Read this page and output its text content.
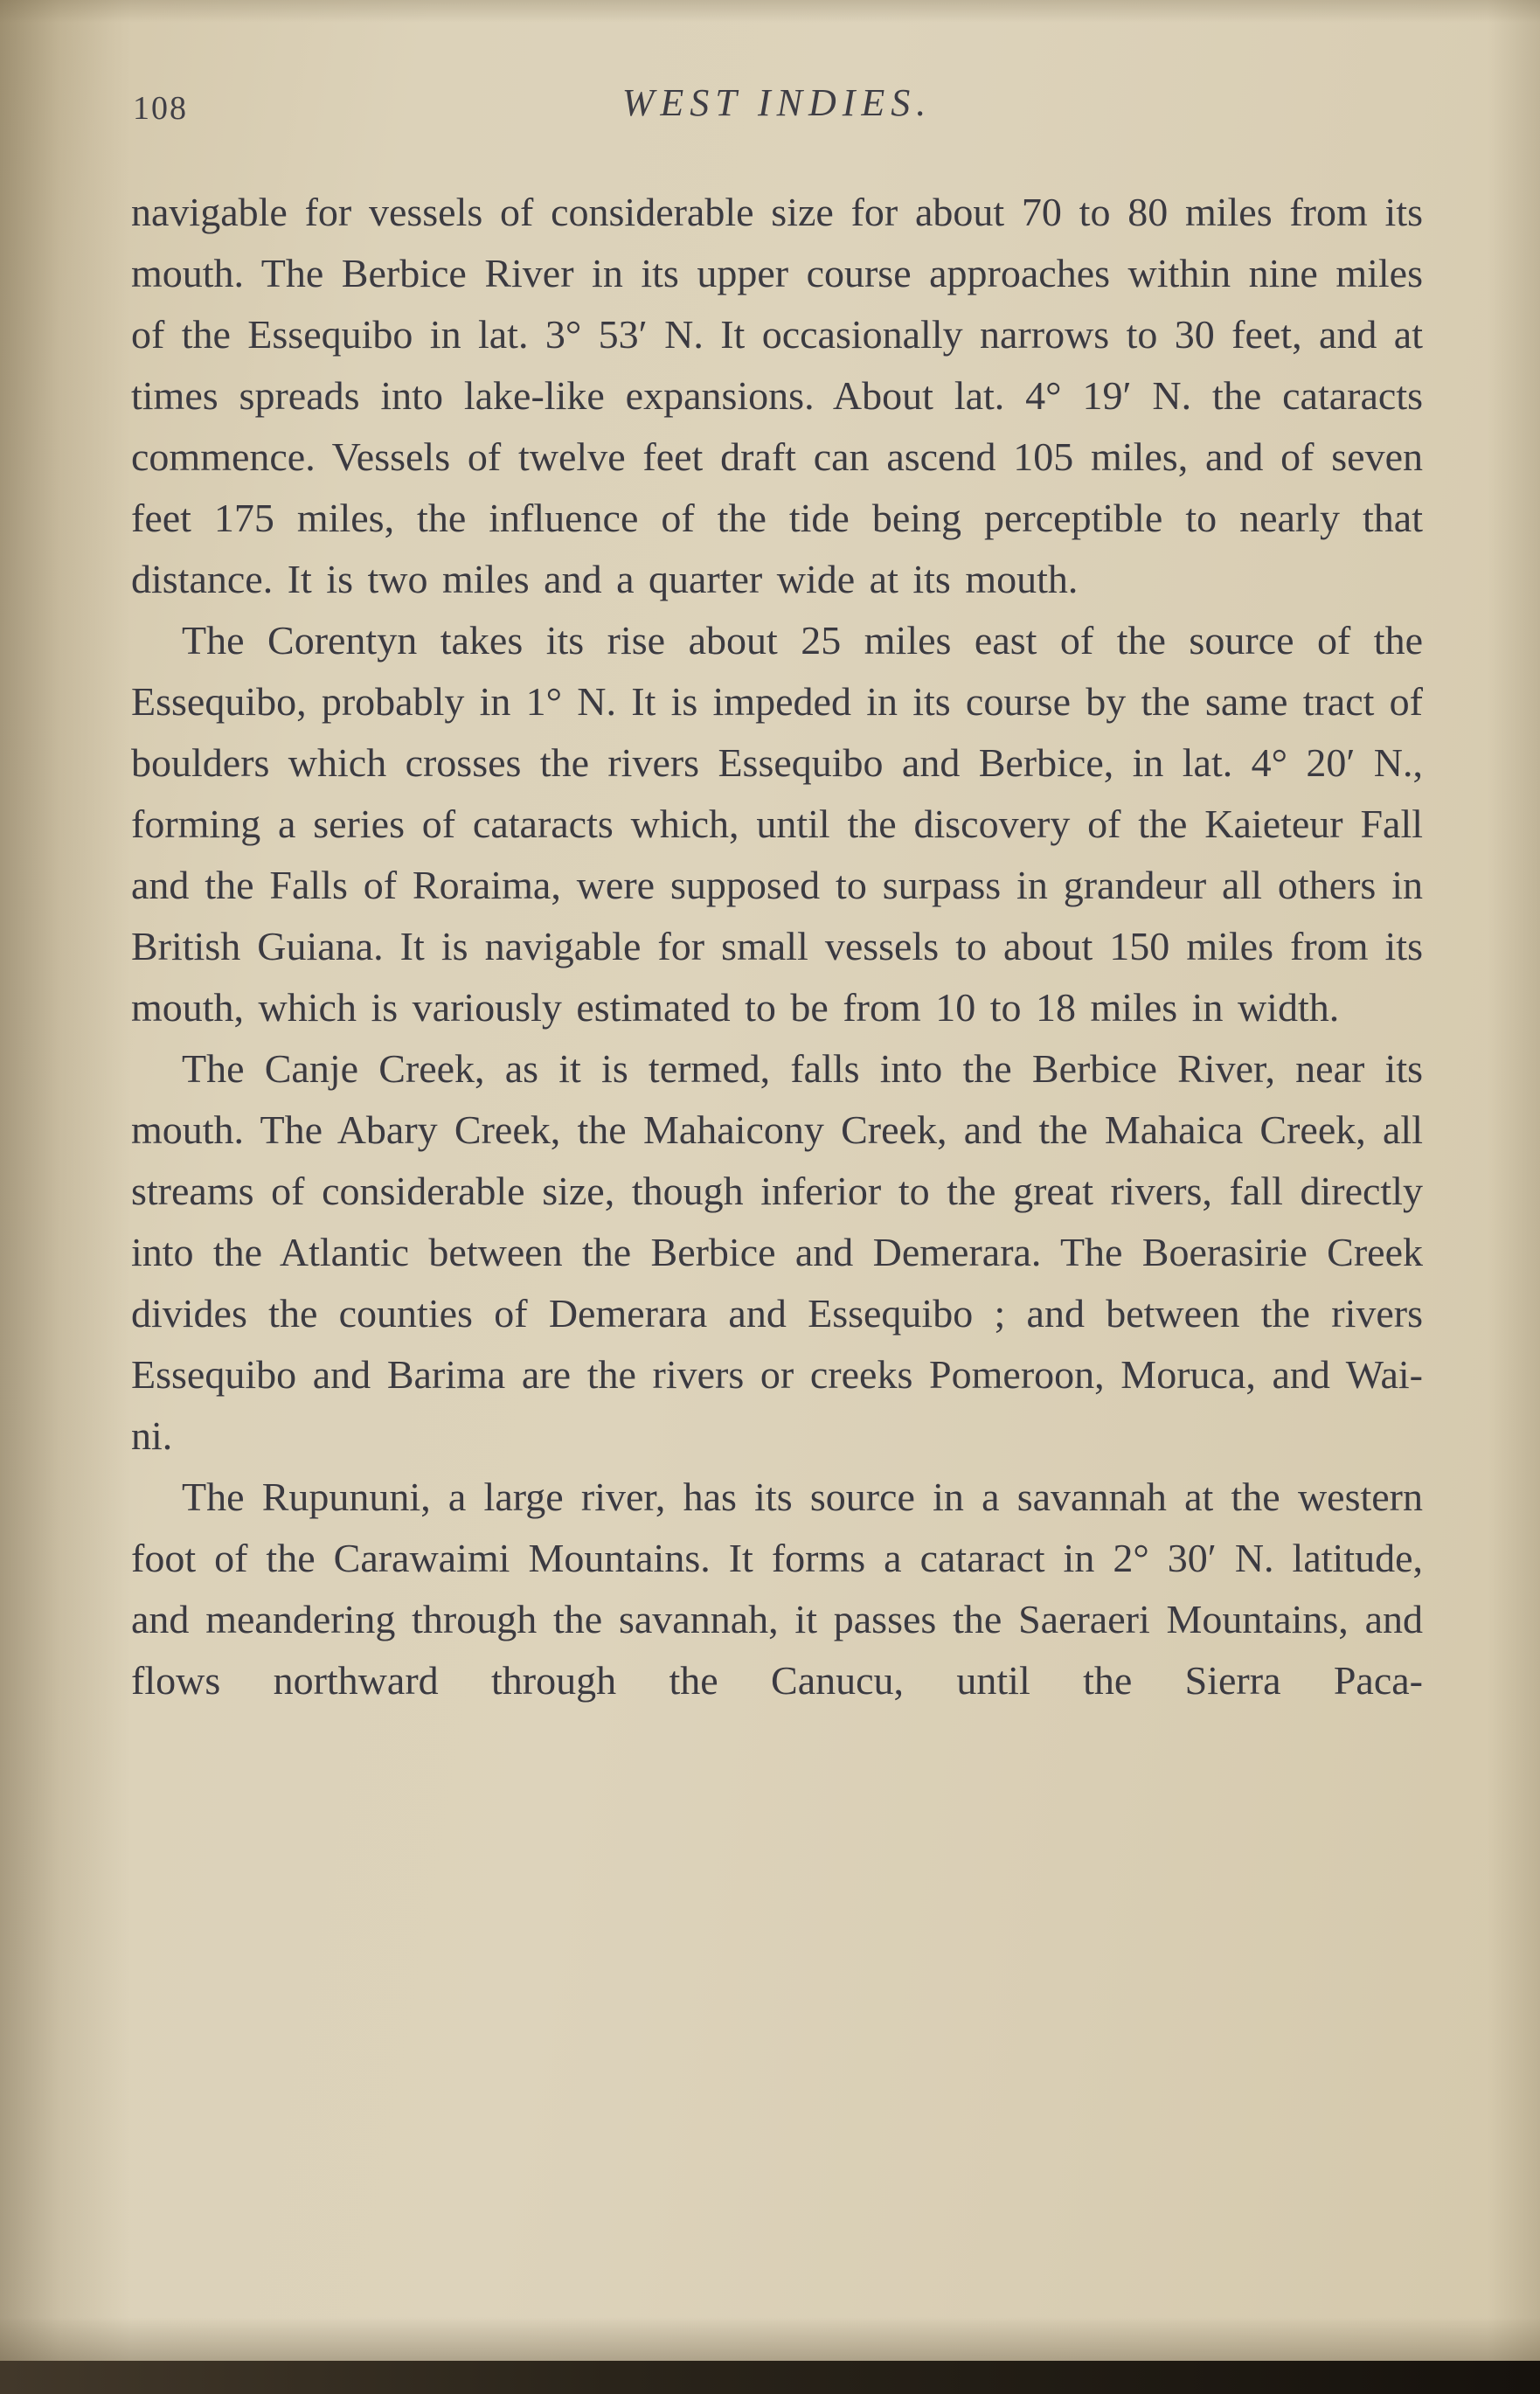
108	WEST INDIES.

navigable for vessels of considerable size for about 70 to 80 miles from its mouth. The Berbice River in its upper course approaches within nine miles of the Essequibo in lat. 3° 53′ N. It occasionally narrows to 30 feet, and at times spreads into lake-like expansions. About lat. 4° 19′ N. the cataracts commence. Vessels of twelve feet draft can ascend 105 miles, and of seven feet 175 miles, the influence of the tide being perceptible to nearly that distance. It is two miles and a quarter wide at its mouth.

The Corentyn takes its rise about 25 miles east of the source of the Essequibo, probably in 1° N. It is impeded in its course by the same tract of boulders which crosses the rivers Essequibo and Berbice, in lat. 4° 20′ N., forming a series of cataracts which, until the discovery of the Kaieteur Fall and the Falls of Roraima, were supposed to surpass in grandeur all others in British Guiana. It is navigable for small vessels to about 150 miles from its mouth, which is variously estimated to be from 10 to 18 miles in width.

The Canje Creek, as it is termed, falls into the Berbice River, near its mouth. The Abary Creek, the Mahaicony Creek, and the Mahaica Creek, all streams of considerable size, though inferior to the great rivers, fall directly into the Atlantic between the Berbice and Demerara. The Boerasirie Creek divides the counties of Demerara and Essequibo ; and between the rivers Essequibo and Barima are the rivers or creeks Pomeroon, Moruca, and Wai-ni.

The Rupununi, a large river, has its source in a savannah at the western foot of the Carawaimi Mountains. It forms a cataract in 2° 30′ N. latitude, and meandering through the savannah, it passes the Saeraeri Mountains, and flows northward through the Canucu, until the Sierra Paca-
